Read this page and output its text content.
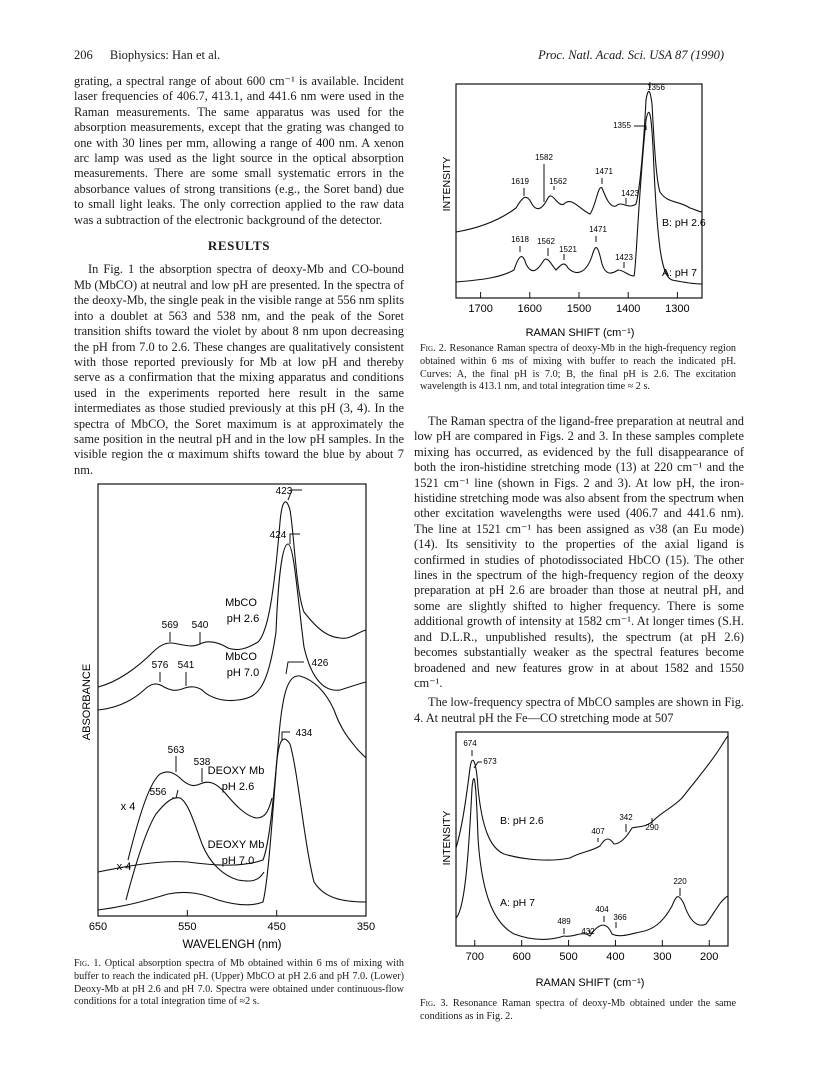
206 Biophysics: Han et al.	Proc. Natl. Acad. Sci. USA 87 (1990)

grating, a spectral range of about 600 cm⁻¹ is available. Incident laser frequencies of 406.7, 413.1, and 441.6 nm were used in the Raman measurements. The same apparatus was used for the absorption measurements, except that the grating was changed to one with 30 lines per mm, allowing a range of 400 nm. A xenon arc lamp was used as the light source in the optical absorption measurements. There are some small systematic errors in the absorbance values of strong transitions (e.g., the Soret band) due to small light leaks. The only correction applied to the raw data was a subtraction of the electronic background of the detector.

RESULTS

In Fig. 1 the absorption spectra of deoxy-Mb and CO-bound Mb (MbCO) at neutral and low pH are presented. In the spectra of the deoxy-Mb, the single peak in the visible range at 556 nm splits into a doublet at 563 and 538 nm, and the peak of the Soret transition shifts toward the violet by about 8 nm upon decreasing the pH from 7.0 to 2.6. These changes are qualitatively consistent with those reported previously for Mb at low pH and thereby serve as a confirmation that the mixing apparatus and conditions used in the experiments reported here result in the same intermediates as those studied previously at this pH (3, 4). In the spectra of MbCO, the Soret maximum is at approximately the same position in the neutral pH and in the low pH samples. In the visible region the α maximum shifts toward the blue by about 7 nm.

650	550	450	350
ABSORBANCE
WAVELENGH (nm)
569 540
423
576 541
424
563
538
426
556
434
MbCO
pH 2.6
MbCO
pH 7.0
DEOXY Mb
pH 2.6
x 4
DEOXY Mb
pH 7.0
x 4
Fig. 1. Optical absorption spectra of Mb obtained within 6 ms of mixing with buffer to reach the indicated pH. (Upper) MbCO at pH 2.6 and pH 7.0. (Lower) Deoxy-Mb at pH 2.6 and pH 7.0. Spectra were obtained under continuous-flow conditions for a total integration time of ≈2 s.
1700 1600 1500 1400 1300
INTENSITY
RAMAN SHIFT (cm⁻¹)
1619
1582
1562
1471
1423
1355
1356
1618 1562
1521
1471
1423
B: pH 2.6
A: pH 7
Fig. 2. Resonance Raman spectra of deoxy-Mb in the high-frequency region obtained within 6 ms of mixing with buffer to reach the indicated pH. Curves: A, the final pH is 7.0; B, the final pH is 2.6. The excitation wavelength is 413.1 nm, and total integration time ≈ 2 s.

The Raman spectra of the ligand-free preparation at neutral and low pH are compared in Figs. 2 and 3. In these samples complete mixing has occurred, as evidenced by the full disappearance of both the iron-histidine stretching mode (13) at 220 cm⁻¹ and the 1521 cm⁻¹ line (shown in Figs. 2 and 3). At low pH, the iron-histidine stretching mode was also absent from the spectrum when other excitation wavelengths were used (406.7 and 441.6 nm). The line at 1521 cm⁻¹ has been assigned as ν38 (an Eu mode) (14). Its sensitivity to the properties of the axial ligand is confirmed in studies of photodissociated HbCO (15). The other lines in the spectrum of the high-frequency region of the deoxy preparation at pH 2.6 are broader than those at neutral pH, and some are slightly shifted to higher frequency. There is some additional growth of intensity at 1582 cm⁻¹. At longer times (S.H. and D.L.R., unpublished results), the spectrum (at pH 2.6) becomes substantially weaker as the spectral features become broadened and new features grow in at about 1582 and 1550 cm⁻¹.

The low-frequency spectra of MbCO samples are shown in Fig. 4. At neutral pH the Fe—CO stretching mode at 507

700	600	500	400	300	200
INTENSITY
RAMAN SHIFT (cm⁻¹)
674
673
407
342
290
489
432
404
366
220
B: pH 2.6
A: pH 7
Fig. 3. Resonance Raman spectra of deoxy-Mb obtained under the same conditions as in Fig. 2.
